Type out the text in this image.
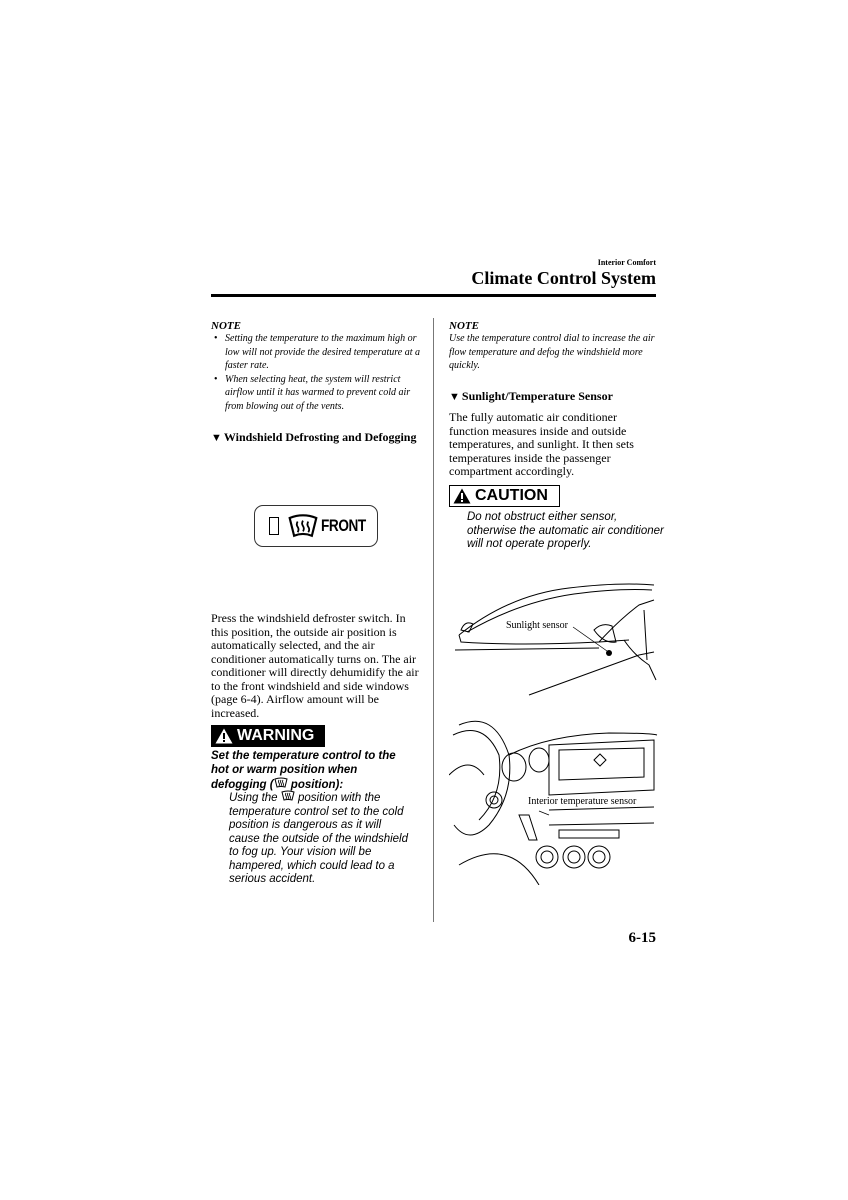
Interior Comfort
Climate Control System
NOTE
• Setting the temperature to the maximum high or low will not provide the desired temperature at a faster rate.
• When selecting heat, the system will restrict airflow until it has warmed to prevent cold air from blowing out of the vents.
▼ Windshield Defrosting and Defogging
FRONT
Press the windshield defroster switch. In this position, the outside air position is automatically selected, and the air conditioner automatically turns on. The air conditioner will directly dehumidify the air to the front windshield and side windows (page 6-4). Airflow amount will be increased.
WARNING
Set the temperature control to the hot or warm position when defogging ( position):
Using the  position with the temperature control set to the cold position is dangerous as it will cause the outside of the windshield to fog up. Your vision will be hampered, which could lead to a serious accident.
NOTE
Use the temperature control dial to increase the air flow temperature and defog the windshield more quickly.
▼ Sunlight/Temperature Sensor
The fully automatic air conditioner function measures inside and outside temperatures, and sunlight. It then sets temperatures inside the passenger compartment accordingly.
CAUTION
Do not obstruct either sensor, otherwise the automatic air conditioner will not operate properly.
Sunlight sensor
Interior temperature sensor
6-15
